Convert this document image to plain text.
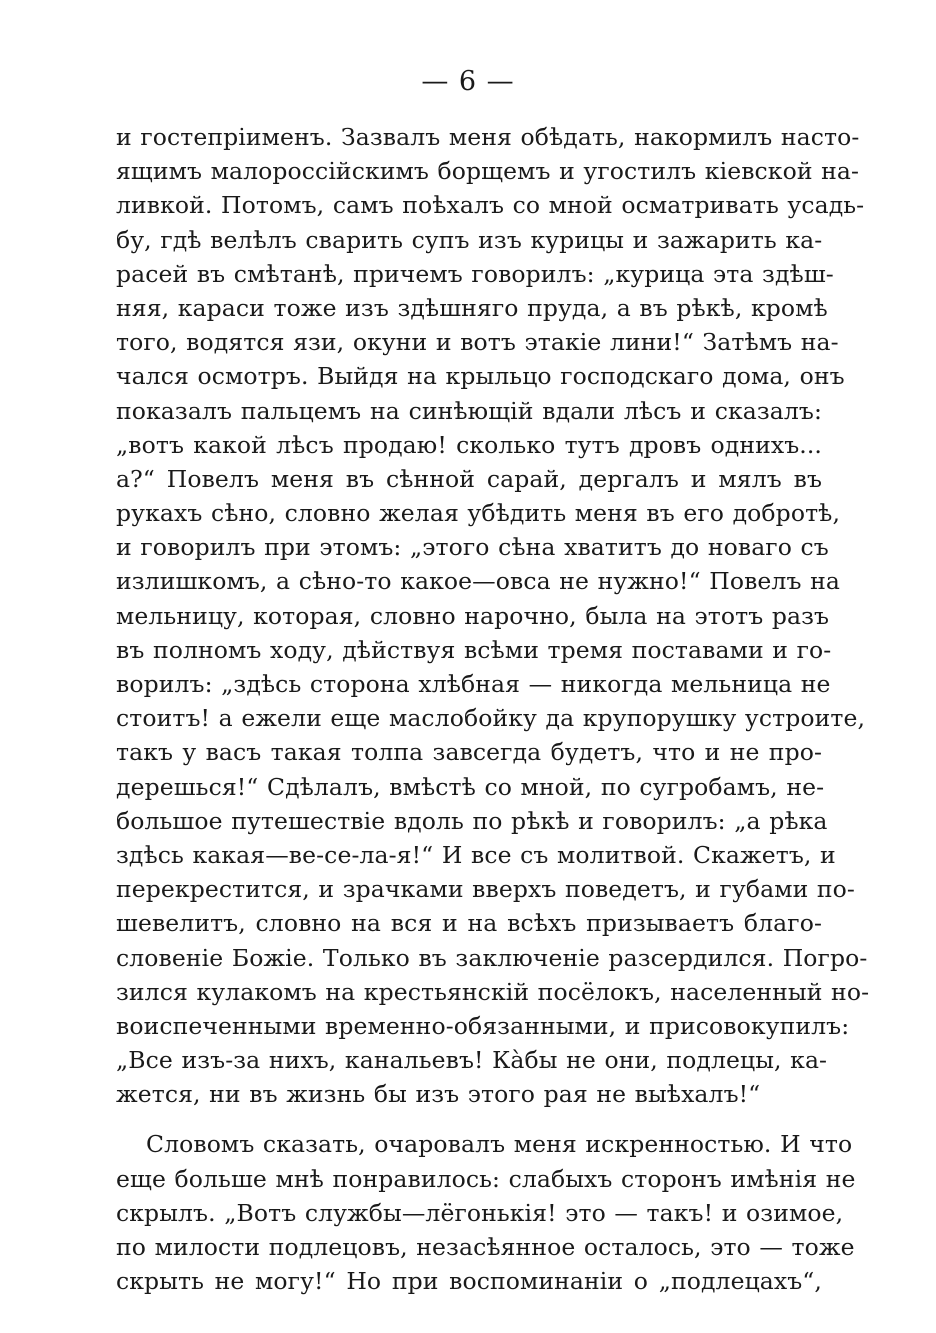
— 6 —
и гостепріименъ. Зазвалъ меня обѣдать, накормилъ насто-
ящимъ малороссійскимъ борщемъ и угостилъ кіевской на-
ливкой. Потомъ, самъ поѣхалъ со мной осматривать усадь-
бу, гдѣ велѣлъ сварить супъ изъ курицы и зажарить ка-
расей въ смѣтанѣ, причемъ говорилъ: „курица эта здѣш-
няя, караси тоже изъ здѣшняго пруда, а въ рѣкѣ, кромѣ
того, водятся язи, окуни и вотъ этакіе лини!“ Затѣмъ на-
чался осмотръ. Выйдя на крыльцо господскаго дома, онъ
показалъ пальцемъ на синѣющій вдали лѣсъ и сказалъ:
„вотъ какой лѣсъ продаю! сколько тутъ дровъ однихъ...
а?“ Повелъ меня въ сѣнной сарай, дергалъ и мялъ въ
рукахъ сѣно, словно желая убѣдить меня въ его добротѣ,
и говорилъ при этомъ: „этого сѣна хватитъ до новаго съ
излишкомъ, а сѣно-то какое—овса не нужно!“ Повелъ на
мельницу, которая, словно нарочно, была на этотъ разъ
въ полномъ ходу, дѣйствуя всѣми тремя поставами и го-
ворилъ: „здѣсь сторона хлѣбная — никогда мельница не
стоитъ! а ежели еще маслобойку да крупорушку устроите,
такъ у васъ такая толпа завсегда будетъ, что и не про-
дерешься!“ Сдѣлалъ, вмѣстѣ со мной, по сугробамъ, не-
большое путешествіе вдоль по рѣкѣ и говорилъ: „а рѣка
здѣсь какая—ве-се-ла-я!“ И все съ молитвой. Скажетъ, и
перекрестится, и зрачками вверхъ поведетъ, и губами по-
шевелитъ, словно на вся и на всѣхъ призываетъ благо-
словеніе Божіе. Только въ заключеніе разсердился. Погро-
зился кулакомъ на крестьянскій посёлокъ, населенный но-
воиспеченными временно-обязанными, и присовокупилъ:
„Все изъ-за нихъ, канальевъ! Кàбы не они, подлецы, ка-
жется, ни въ жизнь бы изъ этого рая не выѣхалъ!“
Словомъ сказать, очаровалъ меня искренностью. И что
еще больше мнѣ понравилось: слабыхъ сторонъ имѣнія не
скрылъ. „Вотъ службы—лёгонькія! это — такъ! и озимое,
по милости подлецовъ, незасѣянное осталось, это — тоже
скрыть не могу!“ Но при воспоминаніи о „подлецахъ“,
